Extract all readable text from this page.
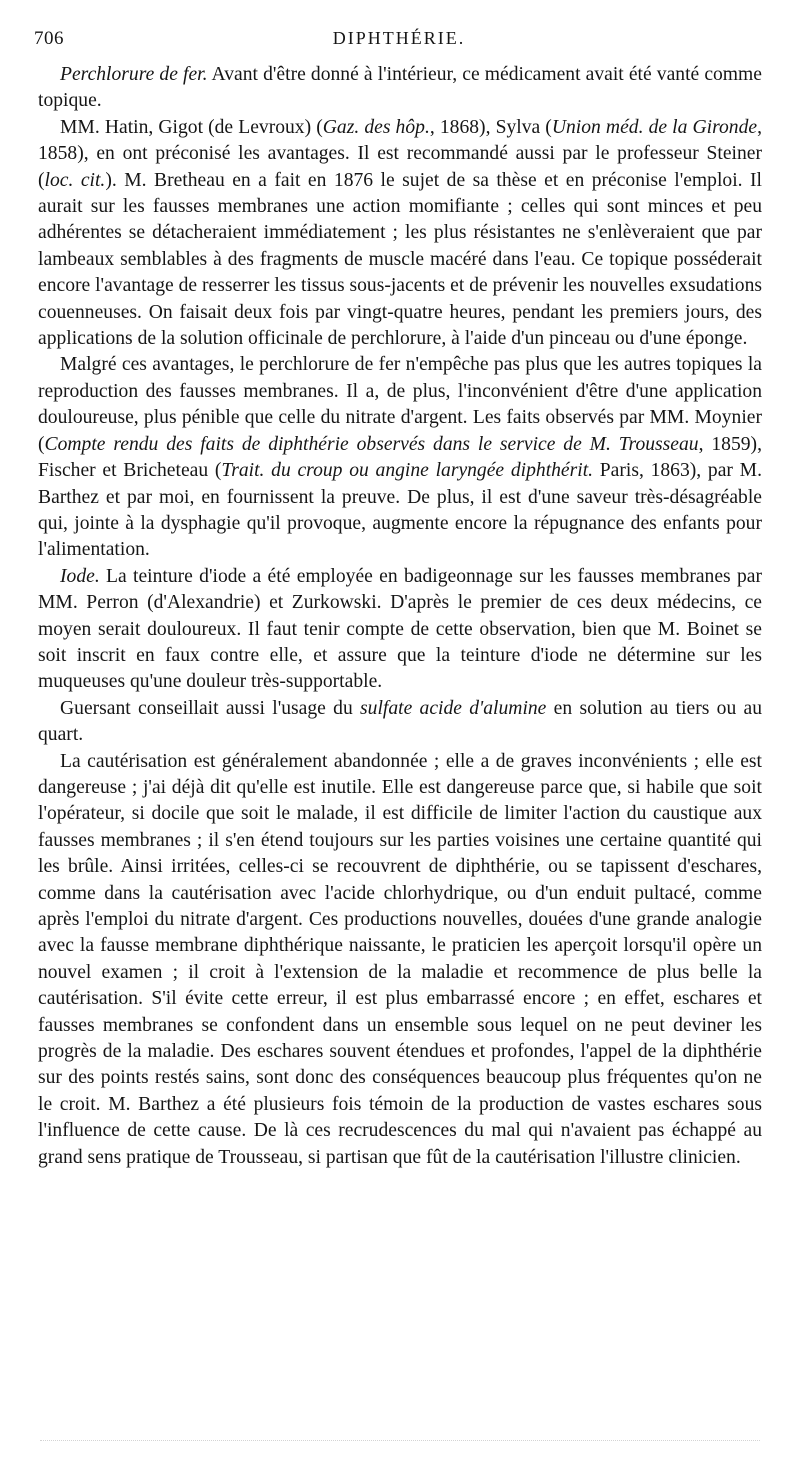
706	DIPHTHÉRIE.

Perchlorure de fer. Avant d'être donné à l'intérieur, ce médicament avait été vanté comme topique.

MM. Hatin, Gigot (de Levroux) (Gaz. des hôp., 1868), Sylva (Union méd. de la Gironde, 1858), en ont préconisé les avantages. Il est recommandé aussi par le professeur Steiner (loc. cit.). M. Bretheau en a fait en 1876 le sujet de sa thèse et en préconise l'emploi. Il aurait sur les fausses membranes une action momifiante ; celles qui sont minces et peu adhérentes se détacheraient immédiatement ; les plus résistantes ne s'enlèveraient que par lambeaux semblables à des fragments de muscle macéré dans l'eau. Ce topique posséderait encore l'avantage de resserrer les tissus sous-jacents et de prévenir les nouvelles exsudations couenneuses. On faisait deux fois par vingt-quatre heures, pendant les premiers jours, des applications de la solution officinale de perchlorure, à l'aide d'un pinceau ou d'une éponge.

Malgré ces avantages, le perchlorure de fer n'empêche pas plus que les autres topiques la reproduction des fausses membranes. Il a, de plus, l'inconvénient d'être d'une application douloureuse, plus pénible que celle du nitrate d'argent. Les faits observés par MM. Moynier (Compte rendu des faits de diphthérie observés dans le service de M. Trousseau, 1859), Fischer et Bricheteau (Trait. du croup ou angine laryngée diphthérit. Paris, 1863), par M. Barthez et par moi, en fournissent la preuve. De plus, il est d'une saveur très-désagréable qui, jointe à la dysphagie qu'il provoque, augmente encore la répugnance des enfants pour l'alimentation.

Iode. La teinture d'iode a été employée en badigeonnage sur les fausses membranes par MM. Perron (d'Alexandrie) et Zurkowski. D'après le premier de ces deux médecins, ce moyen serait douloureux. Il faut tenir compte de cette observation, bien que M. Boinet se soit inscrit en faux contre elle, et assure que la teinture d'iode ne détermine sur les muqueuses qu'une douleur très-supportable.

Guersant conseillait aussi l'usage du sulfate acide d'alumine en solution au tiers ou au quart.

La cautérisation est généralement abandonnée ; elle a de graves inconvénients ; elle est dangereuse ; j'ai déjà dit qu'elle est inutile. Elle est dangereuse parce que, si habile que soit l'opérateur, si docile que soit le malade, il est difficile de limiter l'action du caustique aux fausses membranes ; il s'en étend toujours sur les parties voisines une certaine quantité qui les brûle. Ainsi irritées, celles-ci se recouvrent de diphthérie, ou se tapissent d'eschares, comme dans la cautérisation avec l'acide chlorhydrique, ou d'un enduit pultacé, comme après l'emploi du nitrate d'argent. Ces productions nouvelles, douées d'une grande analogie avec la fausse membrane diphthérique naissante, le praticien les aperçoit lorsqu'il opère un nouvel examen ; il croit à l'extension de la maladie et recommence de plus belle la cautérisation. S'il évite cette erreur, il est plus embarrassé encore ; en effet, eschares et fausses membranes se confondent dans un ensemble sous lequel on ne peut deviner les progrès de la maladie. Des eschares souvent étendues et profondes, l'appel de la diphthérie sur des points restés sains, sont donc des conséquences beaucoup plus fréquentes qu'on ne le croit. M. Barthez a été plusieurs fois témoin de la production de vastes eschares sous l'influence de cette cause. De là ces recrudescences du mal qui n'avaient pas échappé au grand sens pratique de Trousseau, si partisan que fût de la cautérisation l'illustre clinicien.
